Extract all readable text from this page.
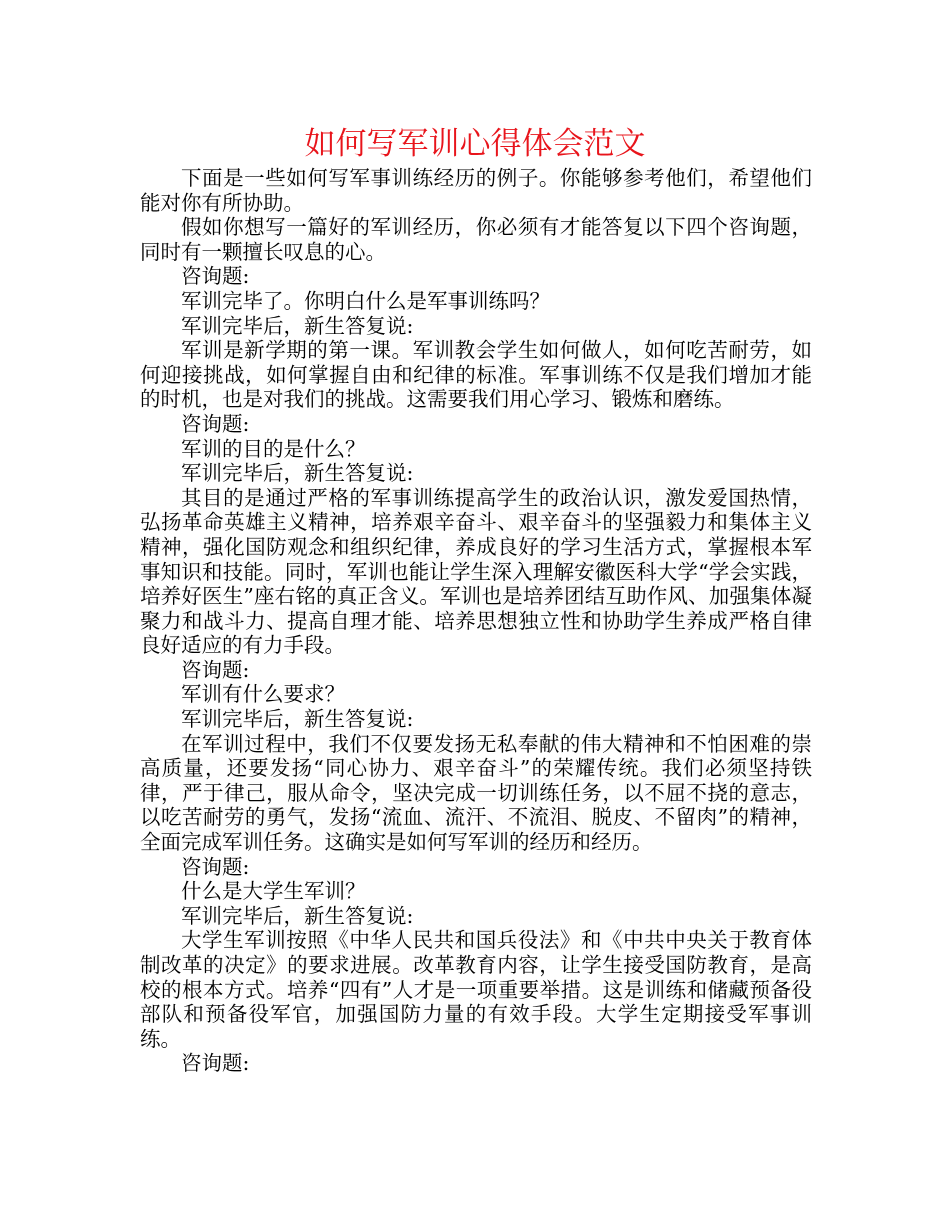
如何写军训心得体会范文

下面是一些如何写军事训练经历的例子。你能够参考他们，希望他们能对你有所协助。

假如你想写一篇好的军训经历，你必须有才能答复以下四个咨询题，同时有一颗擅长叹息的心。

咨询题:

军训完毕了。你明白什么是军事训练吗？

军训完毕后，新生答复说:

军训是新学期的第一课。军训教会学生如何做人，如何吃苦耐劳，如何迎接挑战，如何掌握自由和纪律的标准。军事训练不仅是我们增加才能的时机，也是对我们的挑战。这需要我们用心学习、锻炼和磨练。

咨询题:

军训的目的是什么？

军训完毕后，新生答复说:

其目的是通过严格的军事训练提高学生的政治认识，激发爱国热情，弘扬革命英雄主义精神，培养艰辛奋斗、艰辛奋斗的坚强毅力和集体主义精神，强化国防观念和组织纪律，养成良好的学习生活方式，掌握根本军事知识和技能。同时，军训也能让学生深入理解安徽医科大学“学会实践，培养好医生”座右铭的真正含义。军训也是培养团结互助作风、加强集体凝聚力和战斗力、提高自理才能、培养思想独立性和协助学生养成严格自律良好适应的有力手段。

咨询题:

军训有什么要求？

军训完毕后，新生答复说:

在军训过程中，我们不仅要发扬无私奉献的伟大精神和不怕困难的崇高质量，还要发扬“同心协力、艰辛奋斗”的荣耀传统。我们必须坚持铁律，严于律己，服从命令，坚决完成一切训练任务，以不屈不挠的意志，以吃苦耐劳的勇气，发扬“流血、流汗、不流泪、脱皮、不留肉”的精神，全面完成军训任务。这确实是如何写军训的经历和经历。

咨询题:

什么是大学生军训？

军训完毕后，新生答复说:

大学生军训按照《中华人民共和国兵役法》和《中共中央关于教育体制改革的决定》的要求进展。改革教育内容，让学生接受国防教育，是高校的根本方式。培养“四有”人才是一项重要举措。这是训练和储藏预备役部队和预备役军官，加强国防力量的有效手段。大学生定期接受军事训练。

咨询题:
